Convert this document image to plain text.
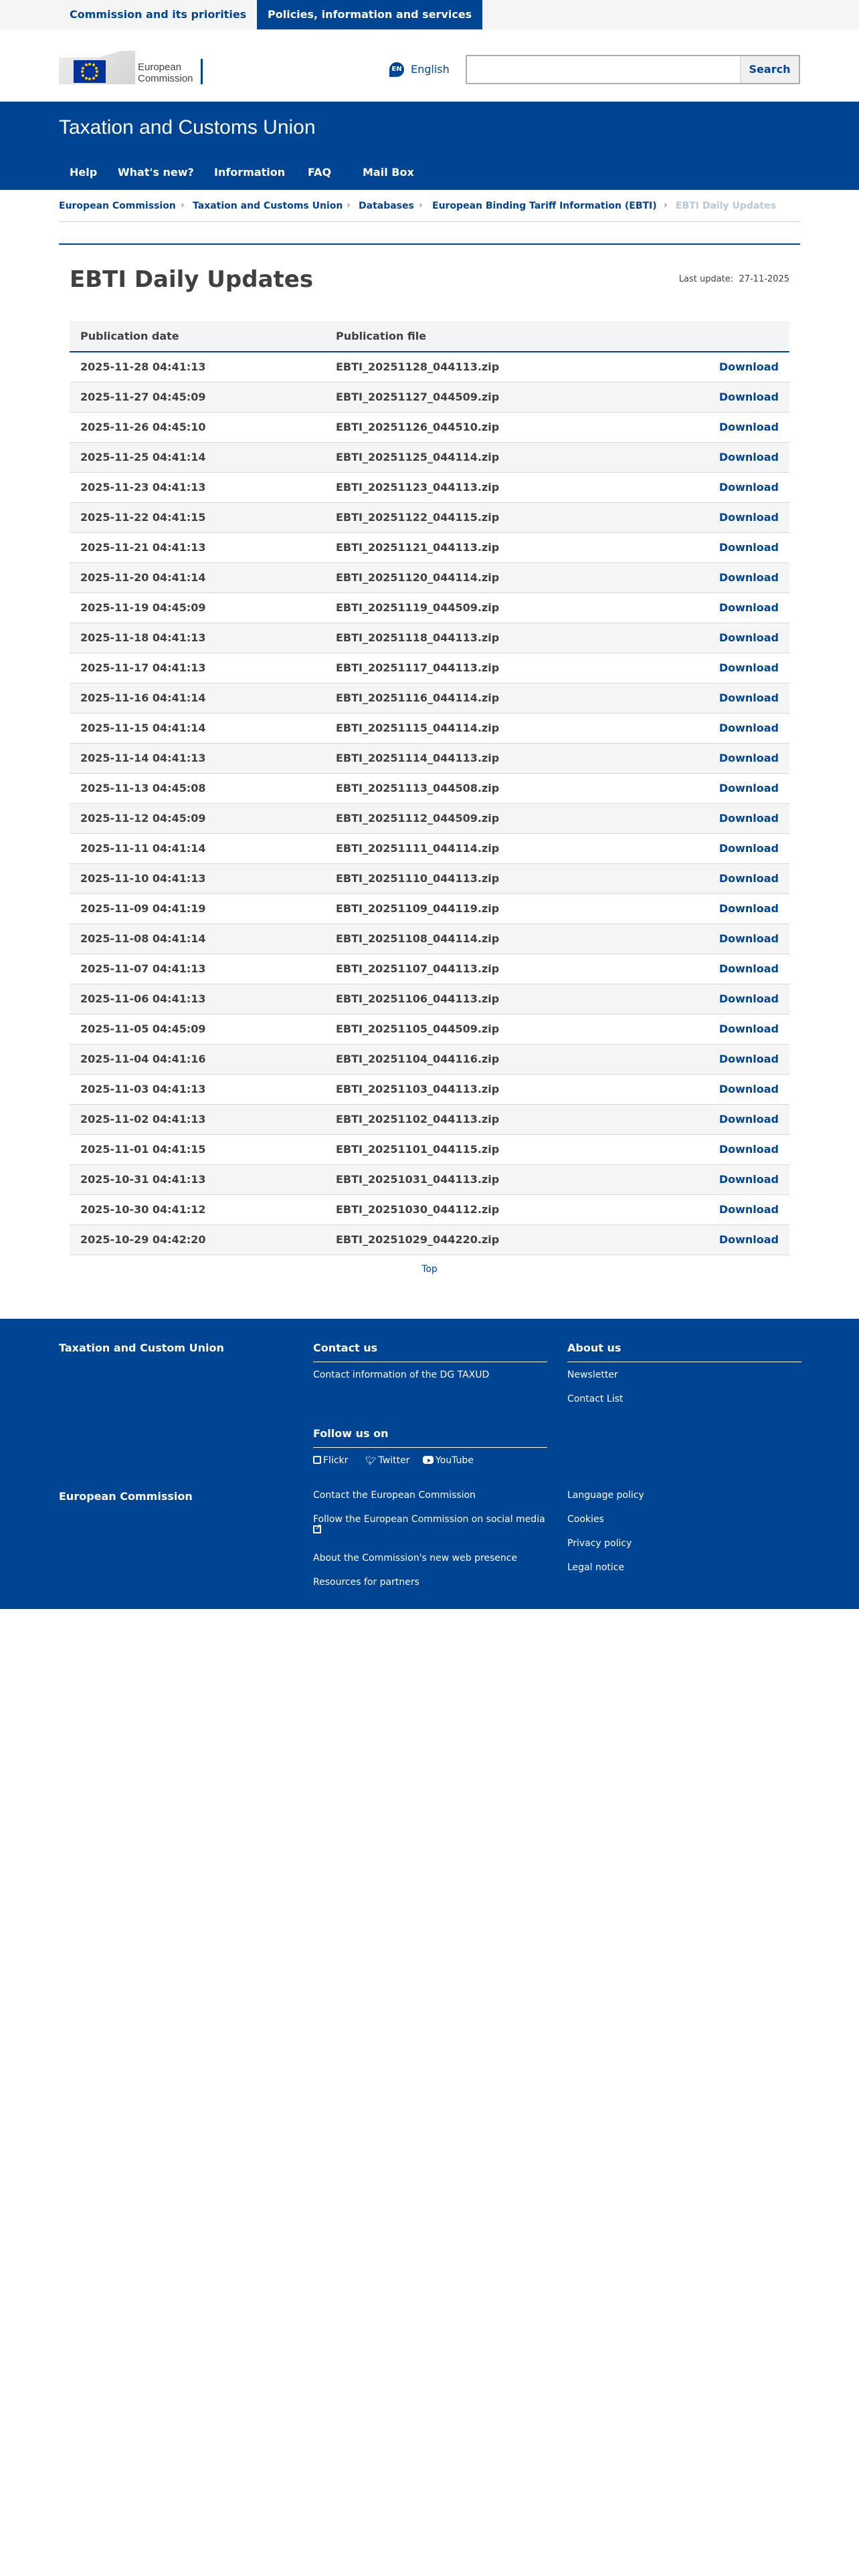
Commission and its priorities	Policies, information and services
European
Commission
EN English	Search
Taxation and Customs Union
Help	What's new?	Information	FAQ	Mail Box
European Commission › Taxation and Customs Union › Databases › European Binding Tariff Information (EBTI) › EBTI Daily Updates
EBTI Daily Updates	Last update: 27-11-2025
Publication date	Publication file	
2025-11-28 04:41:13	EBTI_20251128_044113.zip	Download
2025-11-27 04:45:09	EBTI_20251127_044509.zip	Download
2025-11-26 04:45:10	EBTI_20251126_044510.zip	Download
2025-11-25 04:41:14	EBTI_20251125_044114.zip	Download
2025-11-23 04:41:13	EBTI_20251123_044113.zip	Download
2025-11-22 04:41:15	EBTI_20251122_044115.zip	Download
2025-11-21 04:41:13	EBTI_20251121_044113.zip	Download
2025-11-20 04:41:14	EBTI_20251120_044114.zip	Download
2025-11-19 04:45:09	EBTI_20251119_044509.zip	Download
2025-11-18 04:41:13	EBTI_20251118_044113.zip	Download
2025-11-17 04:41:13	EBTI_20251117_044113.zip	Download
2025-11-16 04:41:14	EBTI_20251116_044114.zip	Download
2025-11-15 04:41:14	EBTI_20251115_044114.zip	Download
2025-11-14 04:41:13	EBTI_20251114_044113.zip	Download
2025-11-13 04:45:08	EBTI_20251113_044508.zip	Download
2025-11-12 04:45:09	EBTI_20251112_044509.zip	Download
2025-11-11 04:41:14	EBTI_20251111_044114.zip	Download
2025-11-10 04:41:13	EBTI_20251110_044113.zip	Download
2025-11-09 04:41:19	EBTI_20251109_044119.zip	Download
2025-11-08 04:41:14	EBTI_20251108_044114.zip	Download
2025-11-07 04:41:13	EBTI_20251107_044113.zip	Download
2025-11-06 04:41:13	EBTI_20251106_044113.zip	Download
2025-11-05 04:45:09	EBTI_20251105_044509.zip	Download
2025-11-04 04:41:16	EBTI_20251104_044116.zip	Download
2025-11-03 04:41:13	EBTI_20251103_044113.zip	Download
2025-11-02 04:41:13	EBTI_20251102_044113.zip	Download
2025-11-01 04:41:15	EBTI_20251101_044115.zip	Download
2025-10-31 04:41:13	EBTI_20251031_044113.zip	Download
2025-10-30 04:41:12	EBTI_20251030_044112.zip	Download
2025-10-29 04:42:20	EBTI_20251029_044220.zip	Download
Top
Taxation and Custom Union	Contact us
Contact information of the DG TAXUD
About us
Newsletter
Contact List
Follow us on
Flickr 🐦︎ Twitter	YouTube
European Commission	Contact the European Commission
Follow the European Commission on social media
↗
About the Commission's new web presence
Resources for partners
Language policy
Cookies
Privacy policy
Legal notice
